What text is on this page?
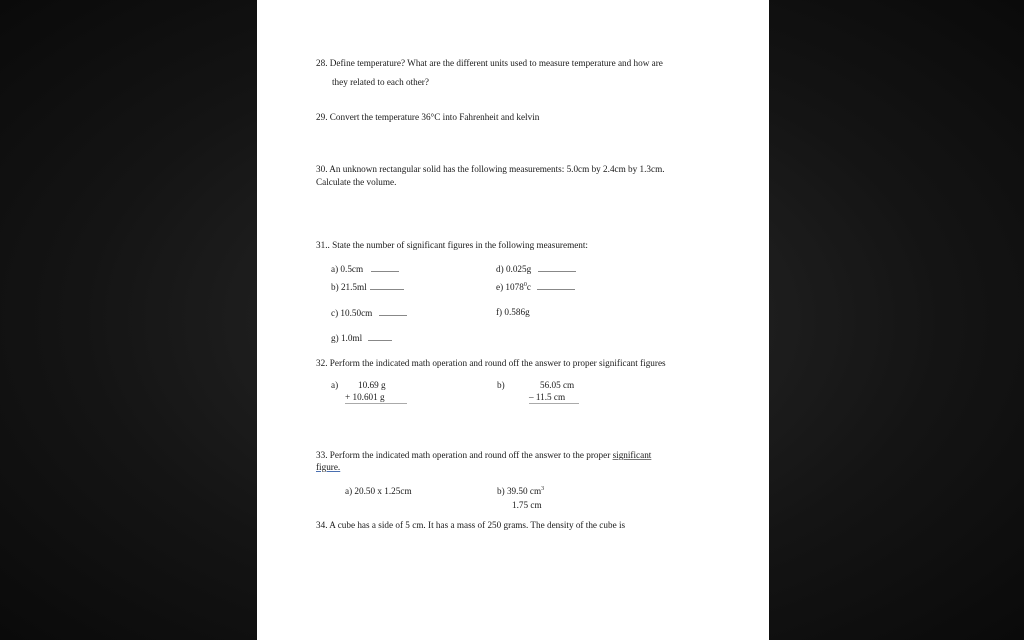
28. Define temperature? What are the different units used to measure temperature and how are
they related to each other?
29. Convert the temperature 36°C into Fahrenheit and kelvin
30. An unknown rectangular solid has the following measurements: 5.0cm by 2.4cm by 1.3cm.
Calculate the volume.
31.. State the number of significant figures in the following measurement:
a) 0.5cm
b) 21.5ml
c) 10.50cm
g) 1.0ml
d) 0.025g
e) 1078$^0$c
f) 0.586g
32. Perform the indicated math operation and round off the answer to proper significant figures
a) 10.69 g
+ 10.601 g
b)	56.05 cm
– 11.5 cm
33. Perform the indicated math operation and round off the answer to the proper significant
figure.
a) 20.50 x 1.25cm	b) 39.50 $cm^3$
1.75 cm
34. A cube has a side of 5 cm. It has a mass of 250 grams. The density of the cube is
